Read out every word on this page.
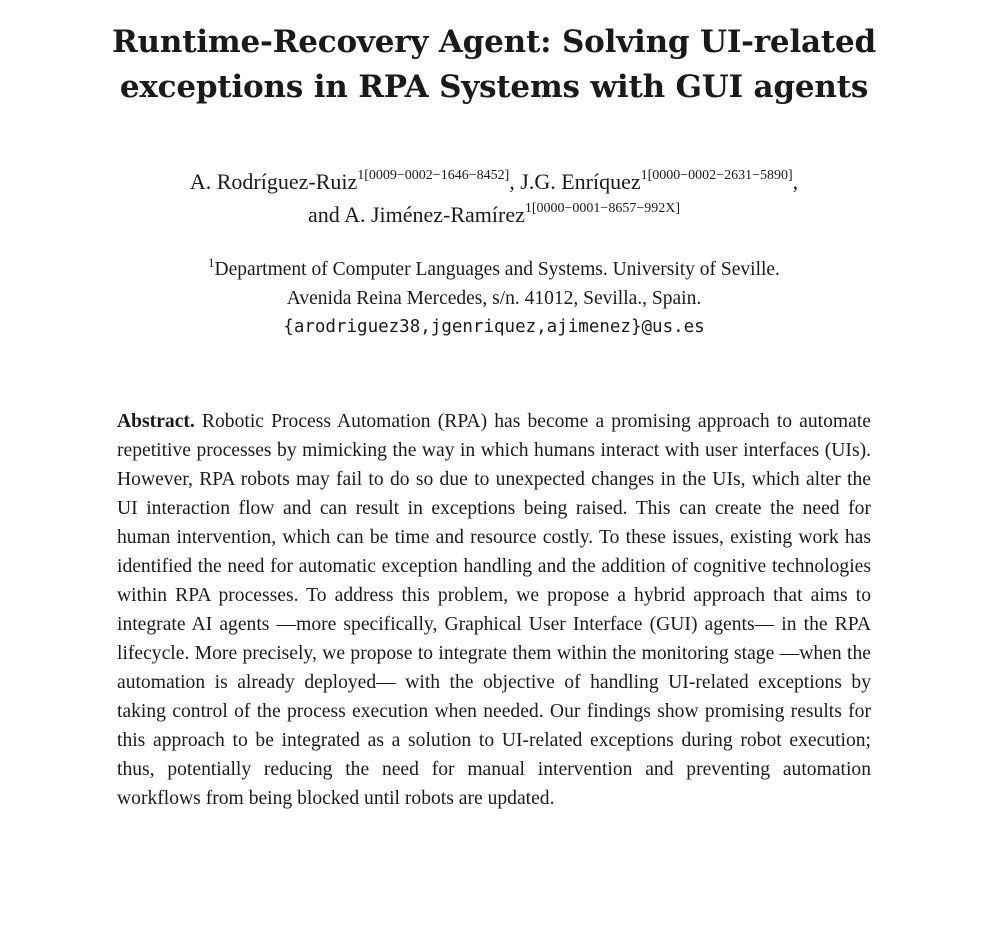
Runtime-Recovery Agent: Solving UI-related
exceptions in RPA Systems with GUI agents
A. Rodríguez-Ruiz$^{1[0009-0002-1646-8452]}$, J.G. Enríquez$^{1[0000-0002-2631-5890]}$,
and A. Jiménez-Ramírez$^{1[0000-0001-8657-992X]}$
$^1$Department of Computer Languages and Systems. University of Seville.
Avenida Reina Mercedes, s/n. 41012, Sevilla., Spain.
{arodriguez38,jgenriquez,ajimenez}@us.es
Abstract. Robotic Process Automation (RPA) has become a promising approach to automate repetitive processes by mimicking the way in which humans interact with user interfaces (UIs). However, RPA robots may fail to do so due to unexpected changes in the UIs, which alter the UI interaction flow and can result in exceptions being raised. This can create the need for human intervention, which can be time and resource costly. To these issues, existing work has identified the need for automatic exception handling and the addition of cognitive technologies within RPA processes. To address this problem, we propose a hybrid approach that aims to integrate AI agents —more specifically, Graphical User Interface (GUI) agents— in the RPA lifecycle. More precisely, we propose to integrate them within the monitoring stage —when the automation is already deployed— with the objective of handling UI-related exceptions by taking control of the process execution when needed. Our findings show promising results for this approach to be integrated as a solution to UI-related exceptions during robot execution; thus, potentially reducing the need for manual intervention and preventing automation workflows from being blocked until robots are updated.
